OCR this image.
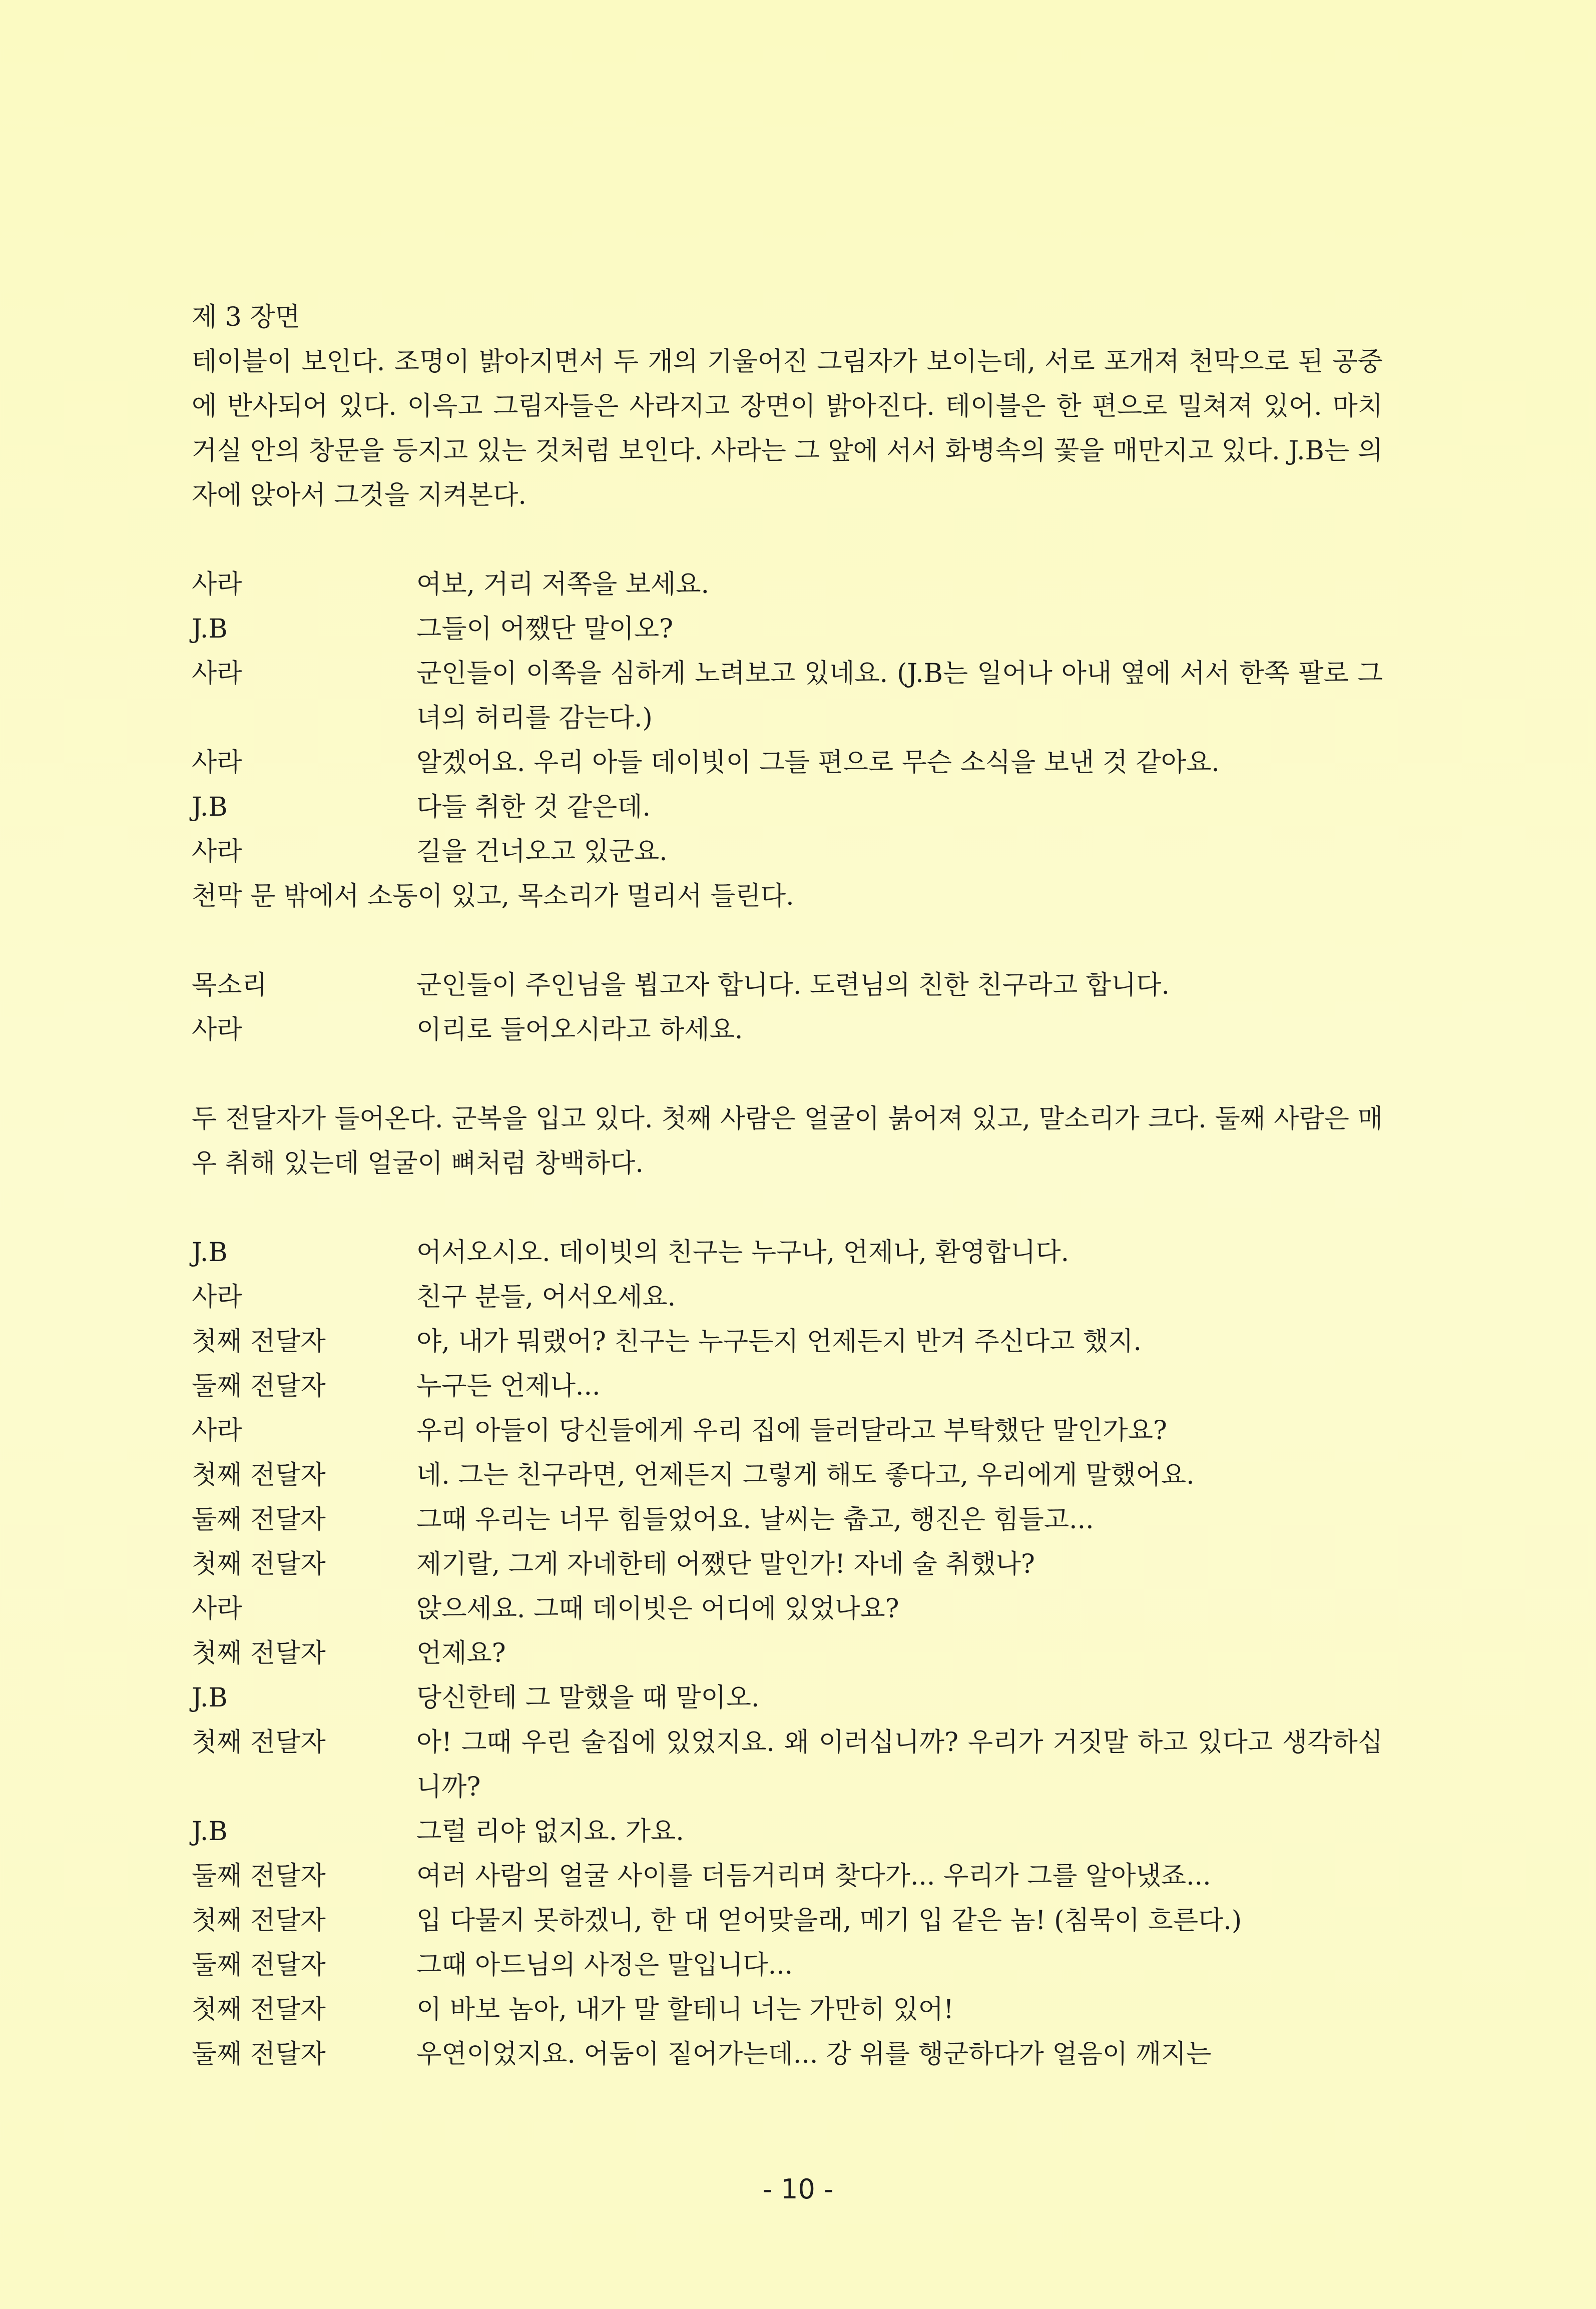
제 3 장면
테이블이 보인다. 조명이 밝아지면서 두 개의 기울어진 그림자가 보이는데, 서로 포개져 천막으로 된 공중에 반사되어 있다. 이윽고 그림자들은 사라지고 장면이 밝아진다. 테이블은 한 편으로 밀쳐져 있어. 마치 거실 안의 창문을 등지고 있는 것처럼 보인다. 사라는 그 앞에 서서 화병속의 꽃을 매만지고 있다. J.B는 의자에 앉아서 그것을 지켜본다.
사라	여보, 거리 저쪽을 보세요.
J.B	그들이 어쨌단 말이오?
사라	군인들이 이쪽을 심하게 노려보고 있네요. (J.B는 일어나 아내 옆에 서서 한쪽 팔로 그녀의 허리를 감는다.)
사라	알겠어요. 우리 아들 데이빗이 그들 편으로 무슨 소식을 보낸 것 같아요.
J.B	다들 취한 것 같은데.
사라	길을 건너오고 있군요.
천막 문 밖에서 소동이 있고, 목소리가 멀리서 들린다.
목소리	군인들이 주인님을 뵙고자 합니다. 도련님의 친한 친구라고 합니다.
사라	이리로 들어오시라고 하세요.
두 전달자가 들어온다. 군복을 입고 있다. 첫째 사람은 얼굴이 붉어져 있고, 말소리가 크다. 둘째 사람은 매우 취해 있는데 얼굴이 뼈처럼 창백하다.
J.B	어서오시오. 데이빗의 친구는 누구나, 언제나, 환영합니다.
사라	친구 분들, 어서오세요.
첫째 전달자	야, 내가 뭐랬어? 친구는 누구든지 언제든지 반겨 주신다고 했지.
둘째 전달자	누구든 언제나...
사라	우리 아들이 당신들에게 우리 집에 들러달라고 부탁했단 말인가요?
첫째 전달자	네. 그는 친구라면, 언제든지 그렇게 해도 좋다고, 우리에게 말했어요.
둘째 전달자	그때 우리는 너무 힘들었어요. 날씨는 춥고, 행진은 힘들고...
첫째 전달자	제기랄, 그게 자네한테 어쨌단 말인가! 자네 술 취했나?
사라	앉으세요. 그때 데이빗은 어디에 있었나요?
첫째 전달자	언제요?
J.B	당신한테 그 말했을 때 말이오.
첫째 전달자	아! 그때 우린 술집에 있었지요. 왜 이러십니까? 우리가 거짓말 하고 있다고 생각하십니까?
J.B	그럴 리야 없지요. 가요.
둘째 전달자	여러 사람의 얼굴 사이를 더듬거리며 찾다가... 우리가 그를 알아냈죠...
첫째 전달자	입 다물지 못하겠니, 한 대 얻어맞을래, 메기 입 같은 놈! (침묵이 흐른다.)
둘째 전달자	그때 아드님의 사정은 말입니다...
첫째 전달자	이 바보 놈아, 내가 말 할테니 너는 가만히 있어!
둘째 전달자	우연이었지요. 어둠이 짙어가는데... 강 위를 행군하다가 얼음이 깨지는
- 10 -
